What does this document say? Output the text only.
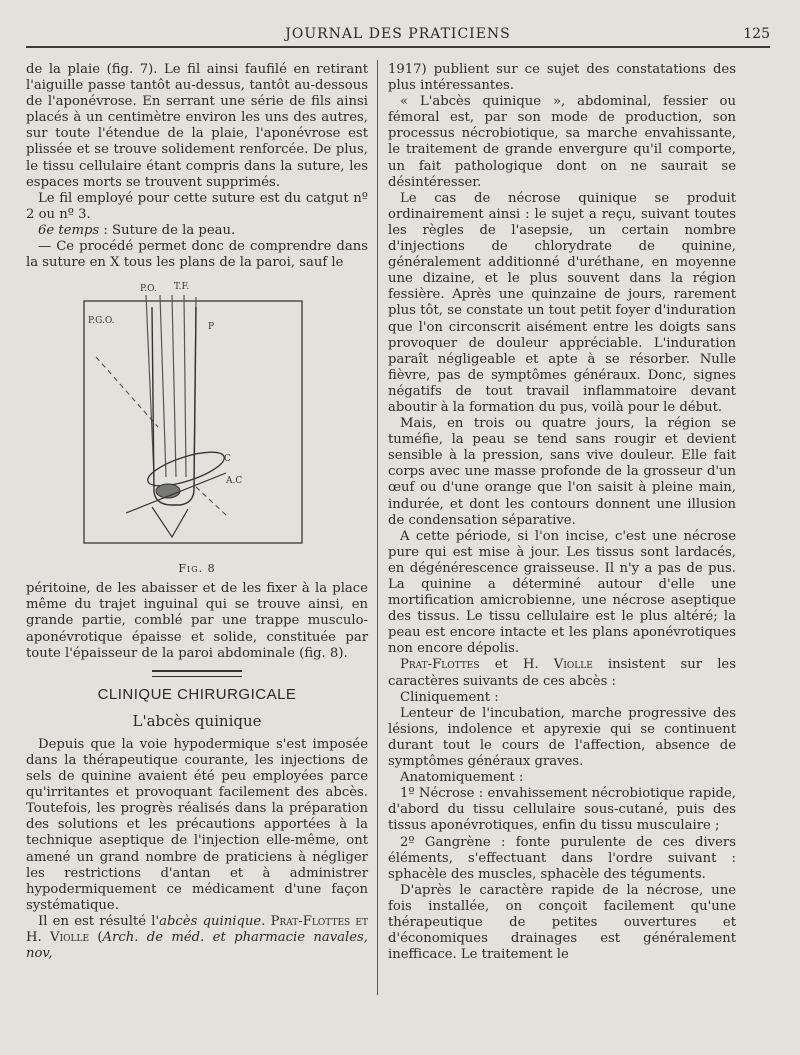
JOURNAL DES PRATICIENS	125

de la plaie (fig. 7). Le fil ainsi faufilé en retirant l'aiguille passe tantôt au-dessus, tantôt au-dessous de l'aponévrose. En serrant une série de fils ainsi placés à un centimètre environ les uns des autres, sur toute l'étendue de la plaie, l'aponévrose est plissée et se trouve solidement renforcée. De plus, le tissu cellulaire étant compris dans la suture, les espaces morts se trouvent supprimés.

Le fil employé pour cette suture est du catgut nº 2 ou nº 3.

6e temps : Suture de la peau.

— Ce procédé permet donc de comprendre dans la suture en X tous les plans de la paroi, sauf le

P.O. T.F.
P.G.O.
P
C
A.C
Fig. 8

péritoine, de les abaisser et de les fixer à la place même du trajet inguinal qui se trouve ainsi, en grande partie, comblé par une trappe musculo-aponévrotique épaisse et solide, constituée par toute l'épaisseur de la paroi abdominale (fig. 8).

CLINIQUE CHIRURGICALE
L'abcès quinique

Depuis que la voie hypodermique s'est imposée dans la thérapeutique courante, les injections de sels de quinine avaient été peu employées parce qu'irritantes et provoquant facilement des abcès. Toutefois, les progrès réalisés dans la préparation des solutions et les précautions apportées à la technique aseptique de l'injection elle-même, ont amené un grand nombre de praticiens à négliger les restrictions d'antan et à administrer hypodermiquement ce médicament d'une façon systématique.

Il en est résulté l'abcès quinique. Prat-Flottes et H. Violle (Arch. de méd. et pharmacie navales, nov,

1917) publient sur ce sujet des constatations des plus intéressantes.

« L'abcès quinique », abdominal, fessier ou fémoral est, par son mode de production, son processus nécrobiotique, sa marche envahissante, le traitement de grande envergure qu'il comporte, un fait pathologique dont on ne saurait se désintéresser.

Le cas de nécrose quinique se produit ordinairement ainsi : le sujet a reçu, suivant toutes les règles de l'asepsie, un certain nombre d'injections de chlorydrate de quinine, généralement additionné d'uréthane, en moyenne une dizaine, et le plus souvent dans la région fessière. Après une quinzaine de jours, rarement plus tôt, se constate un tout petit foyer d'induration que l'on circonscrit aisément entre les doigts sans provoquer de douleur appréciable. L'induration paraît négligeable et apte à se résorber. Nulle fièvre, pas de symptômes généraux. Donc, signes négatifs de tout travail inflammatoire devant aboutir à la formation du pus, voilà pour le début.

Mais, en trois ou quatre jours, la région se tuméfie, la peau se tend sans rougir et devient sensible à la pression, sans vive douleur. Elle fait corps avec une masse profonde de la grosseur d'un œuf ou d'une orange que l'on saisit à pleine main, indurée, et dont les contours donnent une illusion de condensation séparative.

A cette période, si l'on incise, c'est une nécrose pure qui est mise à jour. Les tissus sont lardacés, en dégénérescence graisseuse. Il n'y a pas de pus. La quinine a déterminé autour d'elle une mortification amicrobienne, une nécrose aseptique des tissus. Le tissu cellulaire est le plus altéré; la peau est encore intacte et les plans aponévrotiques non encore dépolis.

Prat-Flottes et H. Violle insistent sur les caractères suivants de ces abcès :

Cliniquement :

Lenteur de l'incubation, marche progressive des lésions, indolence et apyrexie qui se continuent durant tout le cours de l'affection, absence de symptômes généraux graves.

Anatomiquement :

1º Nécrose : envahissement nécrobiotique rapide, d'abord du tissu cellulaire sous-cutané, puis des tissus aponévrotiques, enfin du tissu musculaire ;

2º Gangrène : fonte purulente de ces divers éléments, s'effectuant dans l'ordre suivant : sphacèle des muscles, sphacèle des téguments.

D'après le caractère rapide de la nécrose, une fois installée, on conçoit facilement qu'une thérapeutique de petites ouvertures et d'économiques drainages est généralement inefficace. Le traitement le
